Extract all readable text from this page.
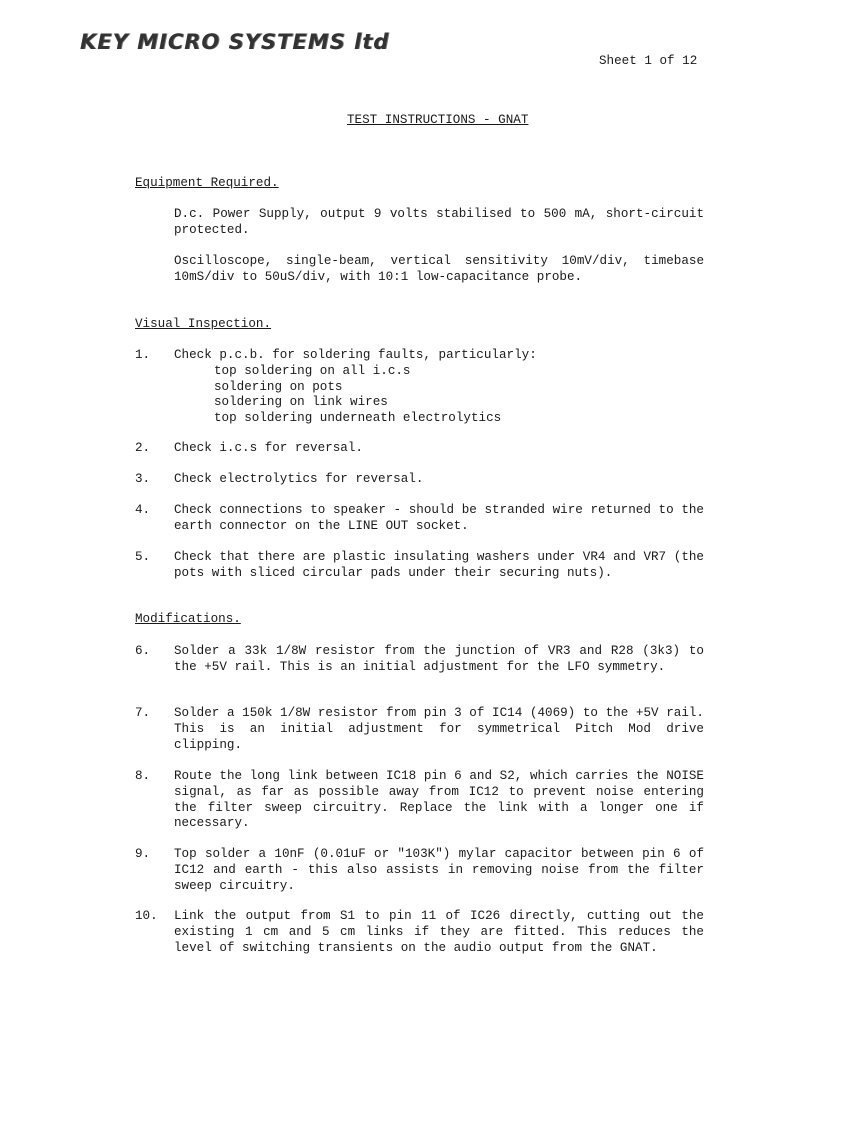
KEY MICRO SYSTEMS ltd
Sheet 1 of 12
TEST INSTRUCTIONS - GNAT
Equipment Required.
D.c. Power Supply, output 9 volts stabilised to 500 mA, short-circuit protected.
Oscilloscope, single-beam, vertical sensitivity 10mV/div, timebase 10mS/div to 50uS/div, with 10:1 low-capacitance probe.
Visual Inspection.
1. Check p.c.b. for soldering faults, particularly:
top soldering on all i.c.s
soldering on pots
soldering on link wires
top soldering underneath electrolytics
2. Check i.c.s for reversal.
3. Check electrolytics for reversal.
4. Check connections to speaker - should be stranded wire returned to the earth connector on the LINE OUT socket.
5. Check that there are plastic insulating washers under VR4 and VR7 (the pots with sliced circular pads under their securing nuts).
Modifications.
6. Solder a 33k 1/8W resistor from the junction of VR3 and R28 (3k3) to the +5V rail. This is an initial adjustment for the LFO symmetry.
7. Solder a 150k 1/8W resistor from pin 3 of IC14 (4069) to the +5V rail. This is an initial adjustment for symmetrical Pitch Mod drive clipping.
8. Route the long link between IC18 pin 6 and S2, which carries the NOISE signal, as far as possible away from IC12 to prevent noise entering the filter sweep circuitry. Replace the link with a longer one if necessary.
9. Top solder a 10nF (0.01uF or "103K") mylar capacitor between pin 6 of IC12 and earth - this also assists in removing noise from the filter sweep circuitry.
10. Link the output from S1 to pin 11 of IC26 directly, cutting out the existing 1 cm and 5 cm links if they are fitted. This reduces the level of switching transients on the audio output from the GNAT.
